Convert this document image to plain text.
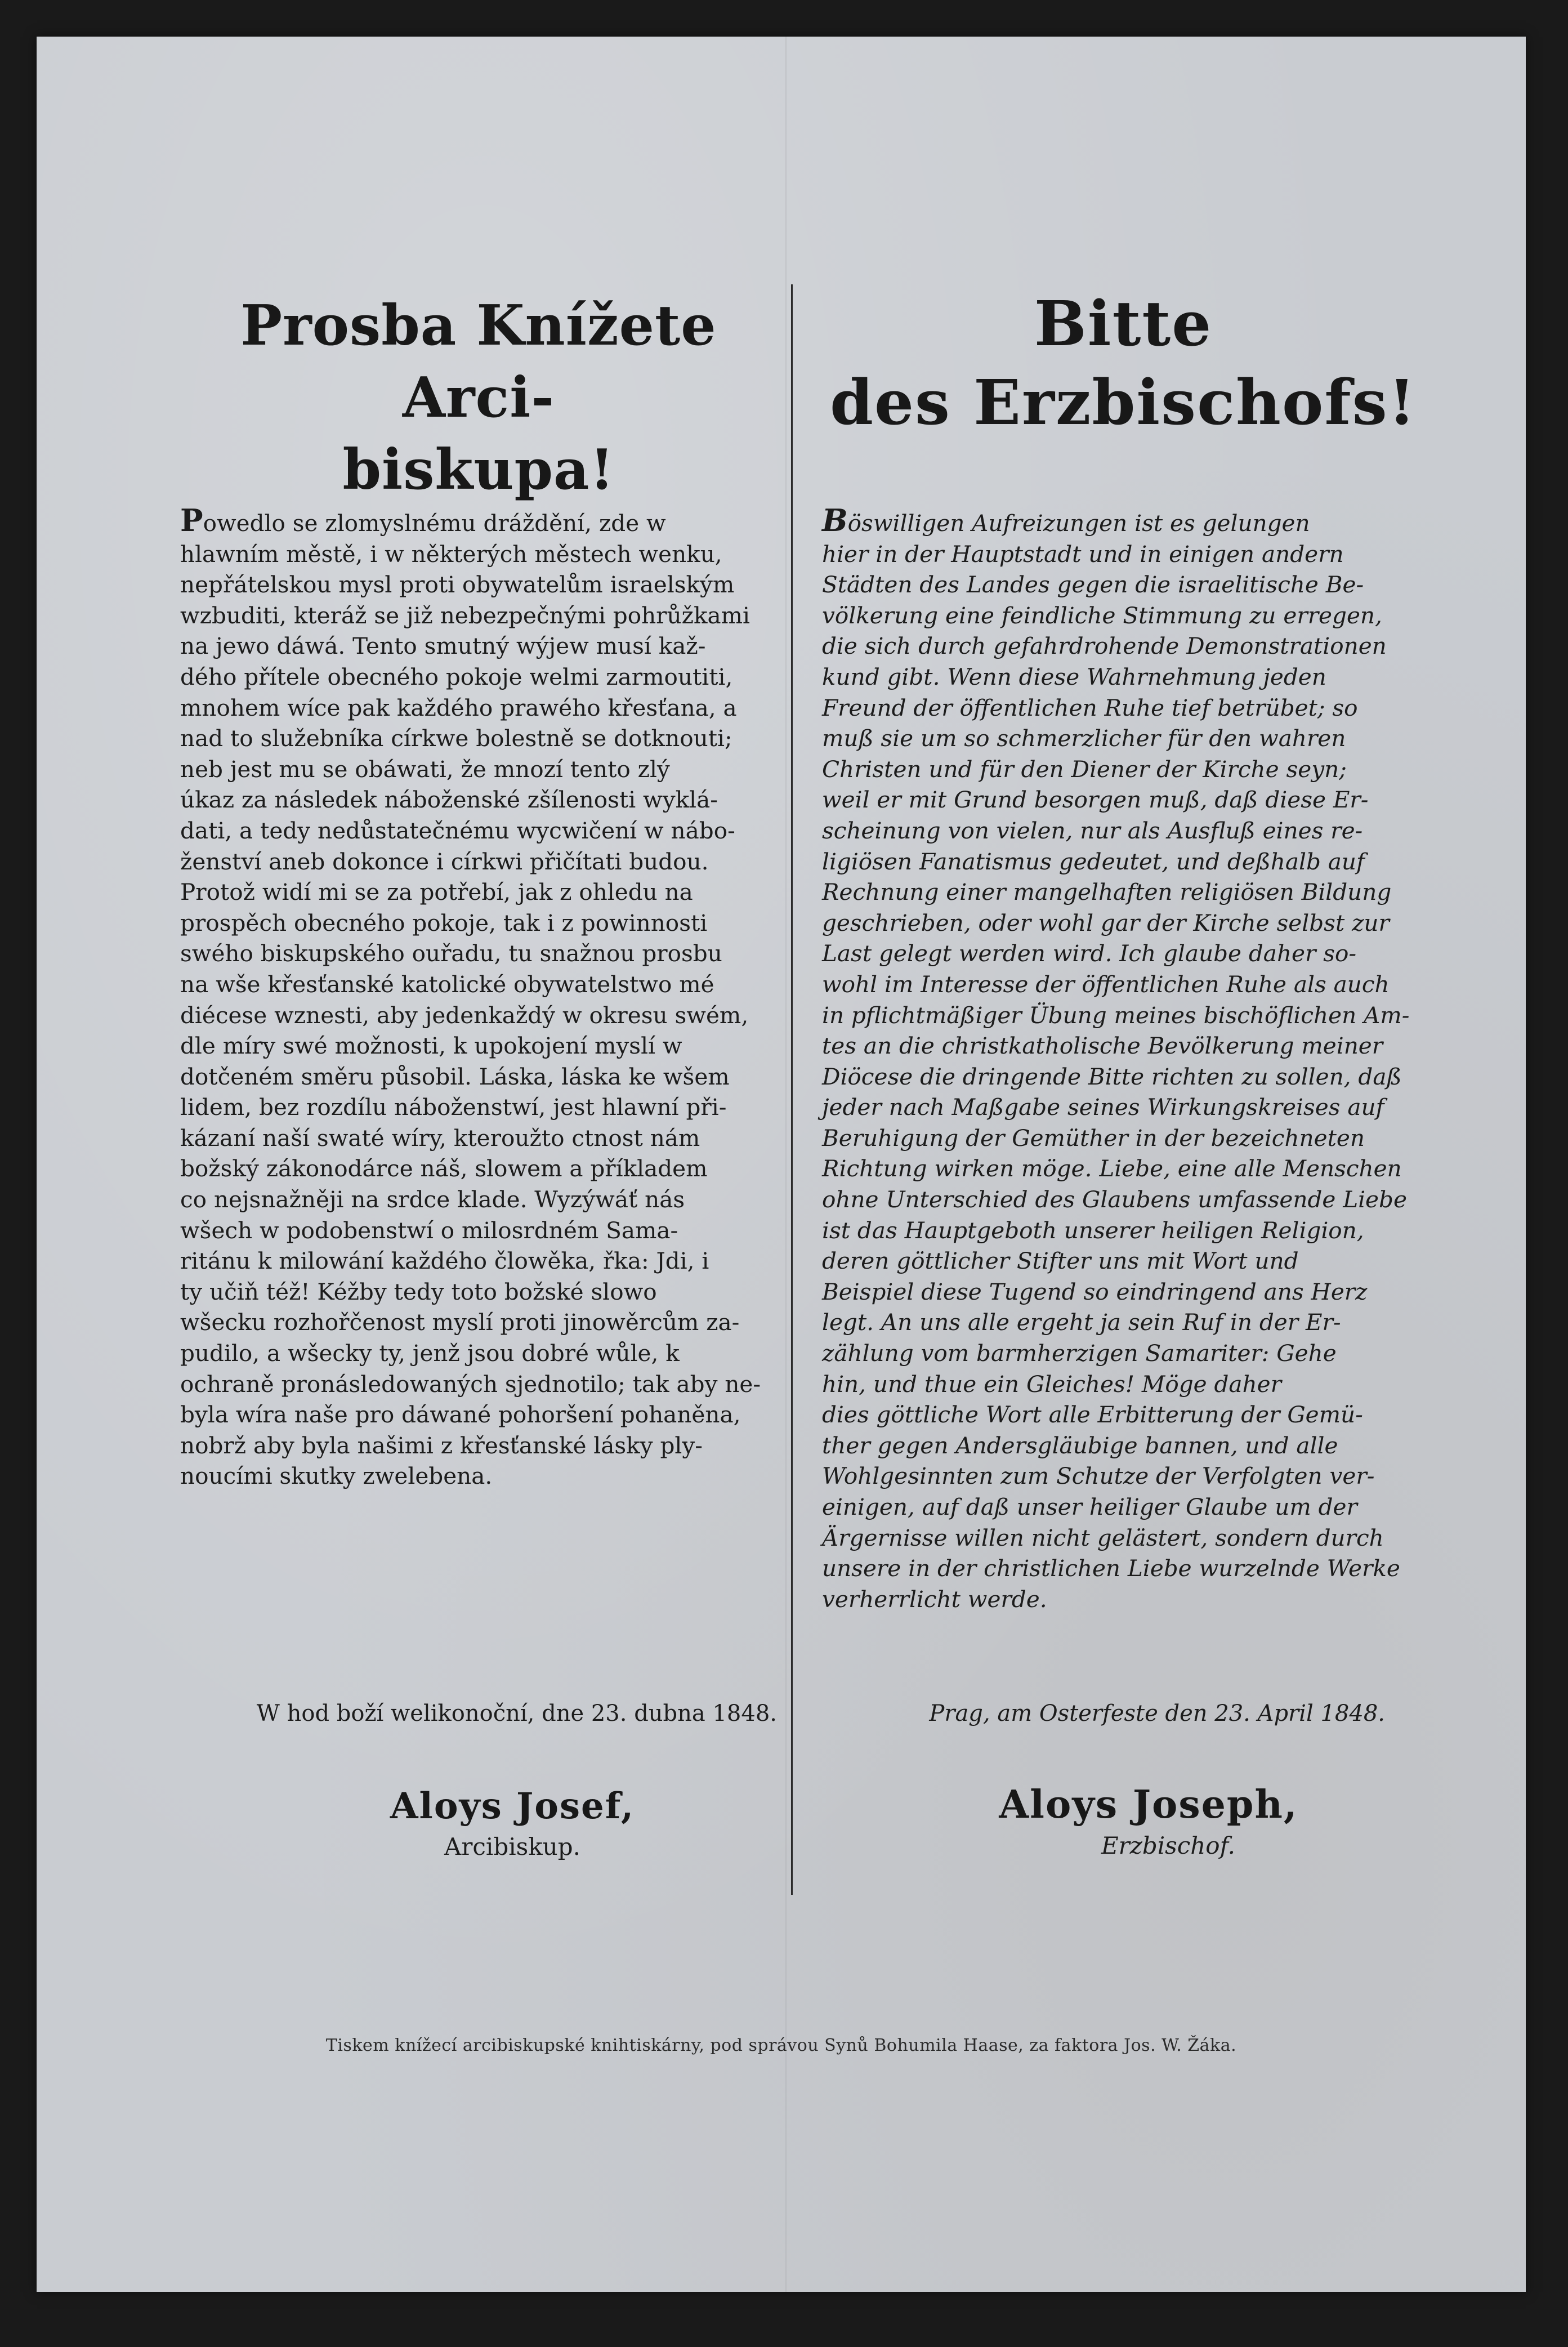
Prosba Knížete Arci-
biskupa!
Powedlo se zlomyslnému dráždění, zde w
hlawním městě, i w některých městech wenku,
nepřátelskou mysl proti obywatelům israelským
wzbuditi, kteráž se již nebezpečnými pohrůžkami
na jewo dáwá. Tento smutný wýjew musí kaž-
dého přítele obecného pokoje welmi zarmoutiti,
mnohem wíce pak každého prawého křesťana, a
nad to služebníka církwe bolestně se dotknouti;
neb jest mu se obáwati, že mnozí tento zlý
úkaz za následek náboženské zšílenosti wyklá-
dati, a tedy nedůstatečnému wycwičení w nábo-
ženství aneb dokonce i církwi přičítati budou.
Protož widí mi se za potřebí, jak z ohledu na
prospěch obecného pokoje, tak i z powinnosti
swého biskupského ouřadu, tu snažnou prosbu
na wše křesťanské katolické obywatelstwo mé
diécese wznesti, aby jedenkaždý w okresu swém,
dle míry swé možnosti, k upokojení myslí w
dotčeném směru působil. Láska, láska ke wšem
lidem, bez rozdílu náboženstwí, jest hlawní při-
kázaní naší swaté wíry, kteroužto ctnost nám
božský zákonodárce náš, slowem a příkladem
co nejsnažněji na srdce klade. Wyzýwáť nás
wšech w podobenstwí o milosrdném Sama-
ritánu k milowání každého člowěka, řka: Jdi, i
ty učiň též! Kéžby tedy toto božské slowo
wšecku rozhořčenost myslí proti jinowěrcům za-
pudilo, a wšecky ty, jenž jsou dobré wůle, k
ochraně pronásledowaných sjednotilo; tak aby ne-
byla wíra naše pro dáwané pohoršení pohaněna,
nobrž aby byla našimi z křesťanské lásky ply-
noucími skutky zwelebena.
W hod boží welikonoční, dne 23. dubna 1848.
Aloys Josef,
Arcibiskup.
Bitte
des Erzbischofs!
Böswilligen Aufreizungen ist es gelungen
hier in der Hauptstadt und in einigen andern
Städten des Landes gegen die israelitische Be-
völkerung eine feindliche Stimmung zu erregen,
die sich durch gefahrdrohende Demonstrationen
kund gibt. Wenn diese Wahrnehmung jeden
Freund der öffentlichen Ruhe tief betrübet; so
muß sie um so schmerzlicher für den wahren
Christen und für den Diener der Kirche seyn;
weil er mit Grund besorgen muß, daß diese Er-
scheinung von vielen, nur als Ausfluß eines re-
ligiösen Fanatismus gedeutet, und deßhalb auf
Rechnung einer mangelhaften religiösen Bildung
geschrieben, oder wohl gar der Kirche selbst zur
Last gelegt werden wird. Ich glaube daher so-
wohl im Interesse der öffentlichen Ruhe als auch
in pflichtmäßiger Übung meines bischöflichen Am-
tes an die christkatholische Bevölkerung meiner
Diöcese die dringende Bitte richten zu sollen, daß
jeder nach Maßgabe seines Wirkungskreises auf
Beruhigung der Gemüther in der bezeichneten
Richtung wirken möge. Liebe, eine alle Menschen
ohne Unterschied des Glaubens umfassende Liebe
ist das Hauptgeboth unserer heiligen Religion,
deren göttlicher Stifter uns mit Wort und
Beispiel diese Tugend so eindringend ans Herz
legt. An uns alle ergeht ja sein Ruf in der Er-
zählung vom barmherzigen Samariter: Gehe
hin, und thue ein Gleiches! Möge daher
dies göttliche Wort alle Erbitterung der Gemü-
ther gegen Andersgläubige bannen, und alle
Wohlgesinnten zum Schutze der Verfolgten ver-
einigen, auf daß unser heiliger Glaube um der
Ärgernisse willen nicht gelästert, sondern durch
unsere in der christlichen Liebe wurzelnde Werke
verherrlicht werde.
Prag, am Osterfeste den 23. April 1848.
Aloys Joseph,
Erzbischof.
Tiskem knížecí arcibiskupské knihtiskárny, pod správou Synů Bohumila Haase, za faktora Jos. W. Žáka.
